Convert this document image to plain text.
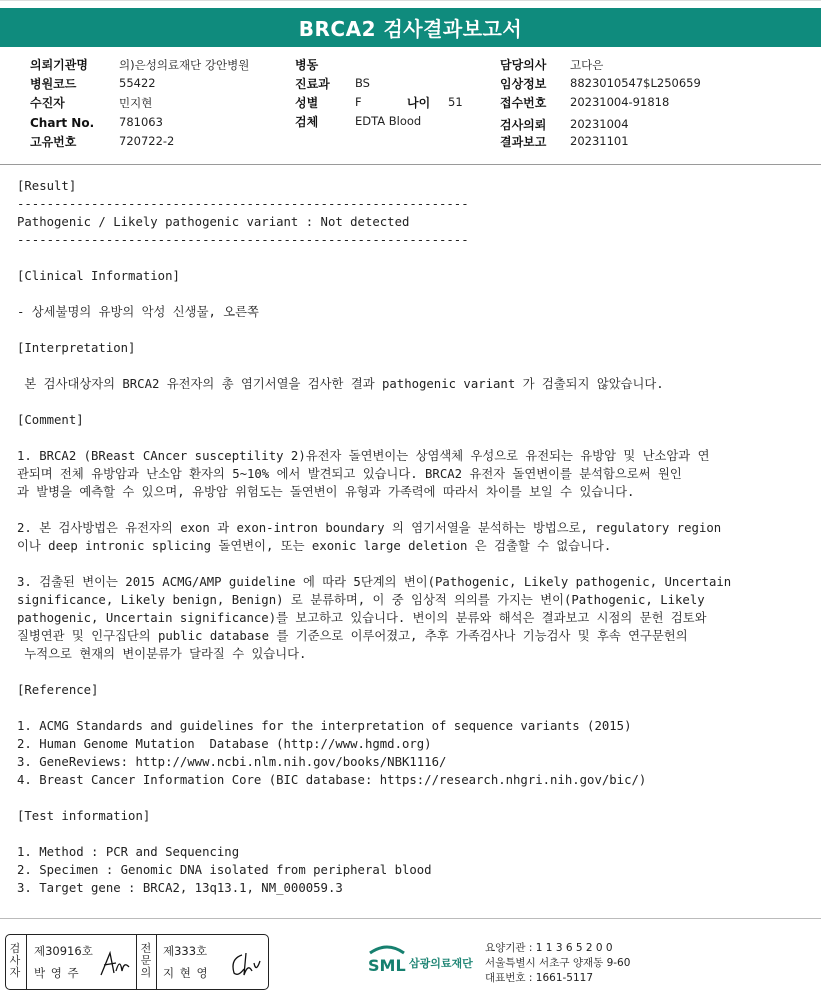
BRCA2 검사결과보고서
의뢰기관명	의)은성의료재단 강안병원
병원코드	55422
수진자	민지현
Chart No. 781063
고유번호	720722-2
병동
진료과 BS
성별	F	나이 51
검체	EDTA Blood
담당의사 고다은
임상정보 8823010547$L250659
접수번호 20231004-91818
검사의뢰 20231004
결과보고 20231101

[Result]

-------------------------------------------------------------

Pathogenic / Likely pathogenic variant : Not detected

-------------------------------------------------------------

[Clinical Information]

- 상세불명의 유방의 악성 신생물, 오른쪽

[Interpretation]

본 검사대상자의 BRCA2 유전자의 총 염기서열을 검사한 결과 pathogenic variant 가 검출되지 않았습니다.

[Comment]

1. BRCA2 (BReast CAncer susceptility 2)유전자 돌연변이는 상염색체 우성으로 유전되는 유방암 및 난소암과 연

관되며 전체 유방암과 난소암 환자의 5~10% 에서 발견되고 있습니다. BRCA2 유전자 돌연변이를 분석함으로써 원인

과 발병을 예측할 수 있으며, 유방암 위험도는 돌연변이 유형과 가족력에 따라서 차이를 보일 수 있습니다.

2. 본 검사방법은 유전자의 exon 과 exon-intron boundary 의 염기서열을 분석하는 방법으로, regulatory region

이나 deep intronic splicing 돌연변이, 또는 exonic large deletion 은 검출할 수 없습니다.

3. 검출된 변이는 2015 ACMG/AMP guideline 에 따라 5단계의 변이(Pathogenic, Likely pathogenic, Uncertain

significance, Likely benign, Benign) 로 분류하며, 이 중 임상적 의의를 가지는 변이(Pathogenic, Likely

pathogenic, Uncertain significance)를 보고하고 있습니다. 변이의 분류와 해석은 결과보고 시점의 문헌 검토와

질병연관 및 인구집단의 public database 를 기준으로 이루어졌고, 추후 가족검사나 기능검사 및 후속 연구문헌의

누적으로 현재의 변이분류가 달라질 수 있습니다.

[Reference]

1. ACMG Standards and guidelines for the interpretation of sequence variants (2015)

2. Human Genome Mutation  Database (http://www.hgmd.org)

3. GeneReviews: http://www.ncbi.nlm.nih.gov/books/NBK1116/

4. Breast Cancer Information Core (BIC database: https://research.nhgri.nih.gov/bic/)

[Test information]

1. Method : PCR and Sequencing

2. Specimen : Genomic DNA isolated from peripheral blood

3. Target gene : BRCA2, 13q13.1, NM_000059.3

검사자
제30916호
박 영 주
전문의
제333호
지 현 영	SML 삼광의료재단
요양기관 : 1 1 3 6 5 2 0 0
서울특별시 서초구 양재동 9-60
대표번호 : 1661-5117
